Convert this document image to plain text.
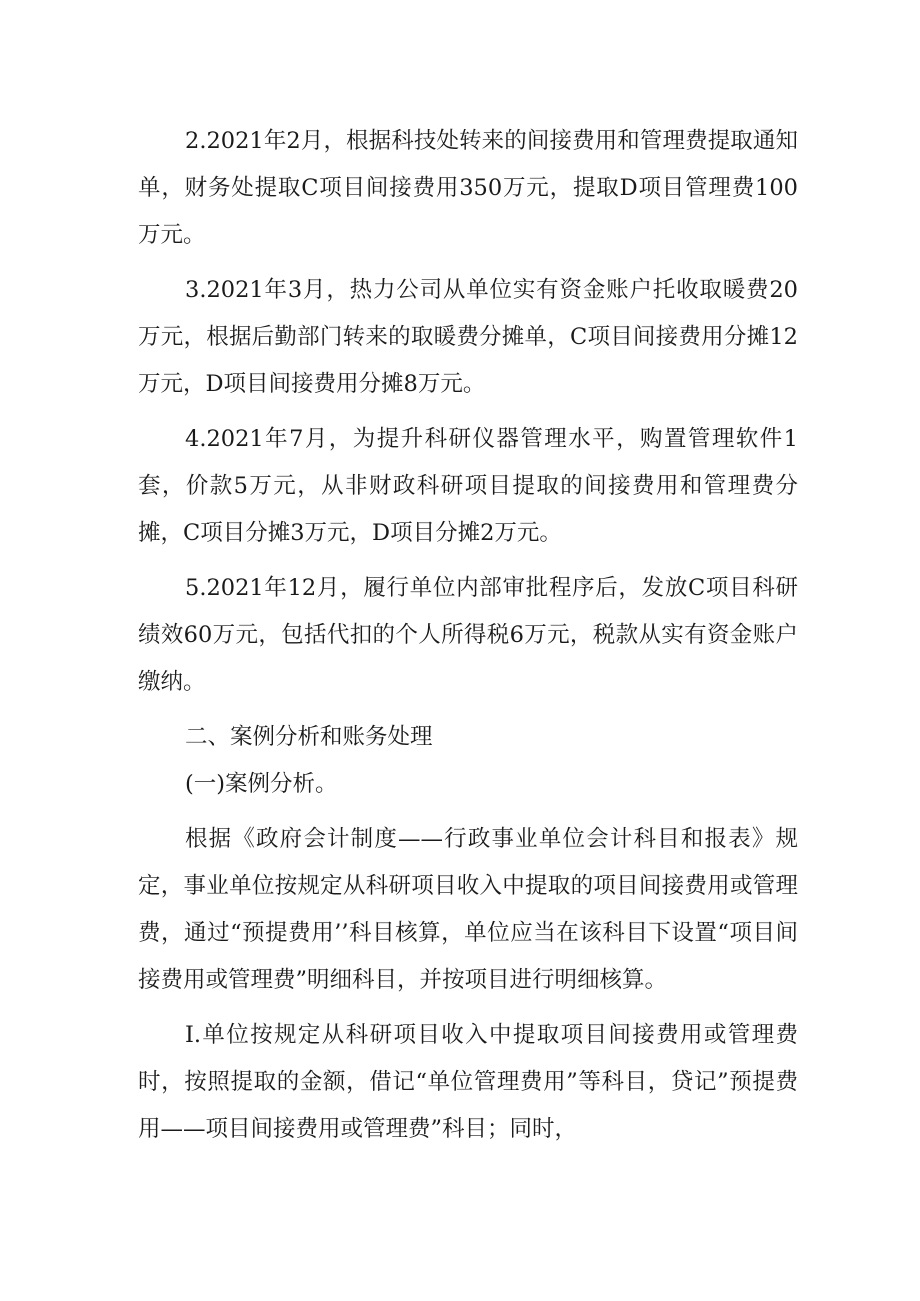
2.2021年2月，根据科技处转来的间接费用和管理费提取通知单，财务处提取C项目间接费用350万元，提取D项目管理费100万元。

3.2021年3月，热力公司从单位实有资金账户托收取暖费20万元，根据后勤部门转来的取暖费分摊单，C项目间接费用分摊12万元，D项目间接费用分摊8万元。

4.2021年7月，为提升科研仪器管理水平，购置管理软件1套，价款5万元，从非财政科研项目提取的间接费用和管理费分摊，C项目分摊3万元，D项目分摊2万元。

5.2021年12月，履行单位内部审批程序后，发放C项目科研绩效60万元，包括代扣的个人所得税6万元，税款从实有资金账户缴纳。

二、案例分析和账务处理

(一)案例分析。

根据《政府会计制度——行政事业单位会计科目和报表》规定，事业单位按规定从科研项目收入中提取的项目间接费用或管理费，通过“预提费用’’科目核算，单位应当在该科目下设置“项目间接费用或管理费”明细科目，并按项目进行明细核算。

I.单位按规定从科研项目收入中提取项目间接费用或管理费时，按照提取的金额，借记“单位管理费用”等科目，贷记”预提费用——项目间接费用或管理费”科目；同时，
